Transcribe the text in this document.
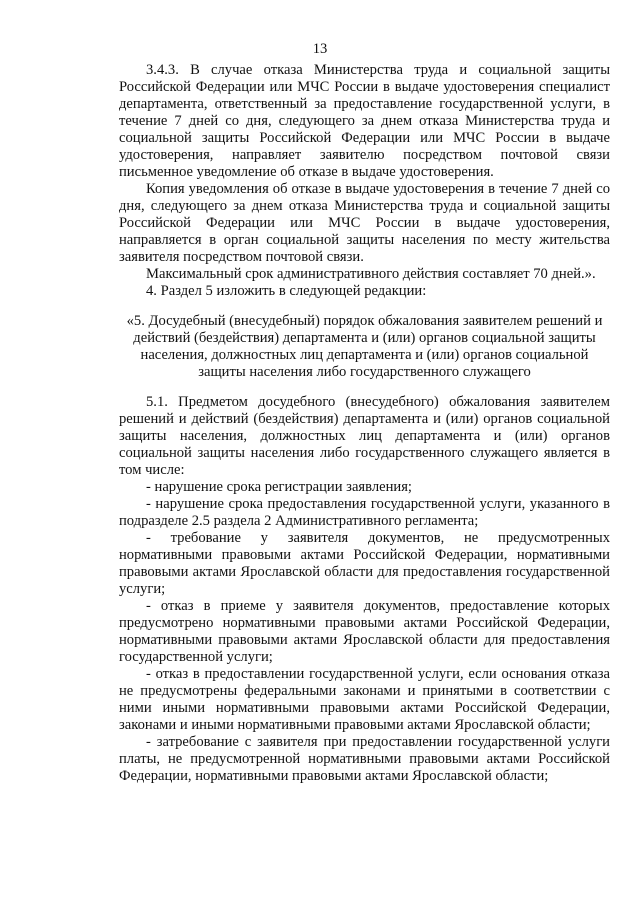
13

3.4.3. В случае отказа Министерства труда и социальной защиты Российской Федерации или МЧС России в выдаче удостоверения специалист департамента, ответственный за предоставление государственной услуги, в течение 7 дней со дня, следующего за днем отказа Министерства труда и социальной защиты Российской Федерации или МЧС России в выдаче удостоверения, направляет заявителю посредством почтовой связи письменное уведомление об отказе в выдаче удостоверения.

Копия уведомления об отказе в выдаче удостоверения в течение 7 дней со дня, следующего за днем отказа Министерства труда и социальной защиты Российской Федерации или МЧС России в выдаче удостоверения, направляется в орган социальной защиты населения по месту жительства заявителя посредством почтовой связи.

Максимальный срок административного действия составляет 70 дней.».

4. Раздел 5 изложить в следующей редакции:

«5. Досудебный (внесудебный) порядок обжалования заявителем решений и действий (бездействия) департамента и (или) органов социальной защиты населения, должностных лиц департамента и (или) органов социальной защиты населения либо государственного служащего

5.1. Предметом досудебного (внесудебного) обжалования заявителем решений и действий (бездействия) департамента и (или) органов социальной защиты населения, должностных лиц департамента и (или) органов социальной защиты населения либо государственного служащего является в том числе:

- нарушение срока регистрации заявления;

- нарушение срока предоставления государственной услуги, указанного в подразделе 2.5 раздела 2 Административного регламента;

- требование у заявителя документов, не предусмотренных нормативными правовыми актами Российской Федерации, нормативными правовыми актами Ярославской области для предоставления государственной услуги;

- отказ в приеме у заявителя документов, предоставление которых предусмотрено нормативными правовыми актами Российской Федерации, нормативными правовыми актами Ярославской области для предоставления государственной услуги;

- отказ в предоставлении государственной услуги, если основания отказа не предусмотрены федеральными законами и принятыми в соответствии с ними иными нормативными правовыми актами Российской Федерации, законами и иными нормативными правовыми актами Ярославской области;

- затребование с заявителя при предоставлении государственной услуги платы, не предусмотренной нормативными правовыми актами Российской Федерации, нормативными правовыми актами Ярославской области;
